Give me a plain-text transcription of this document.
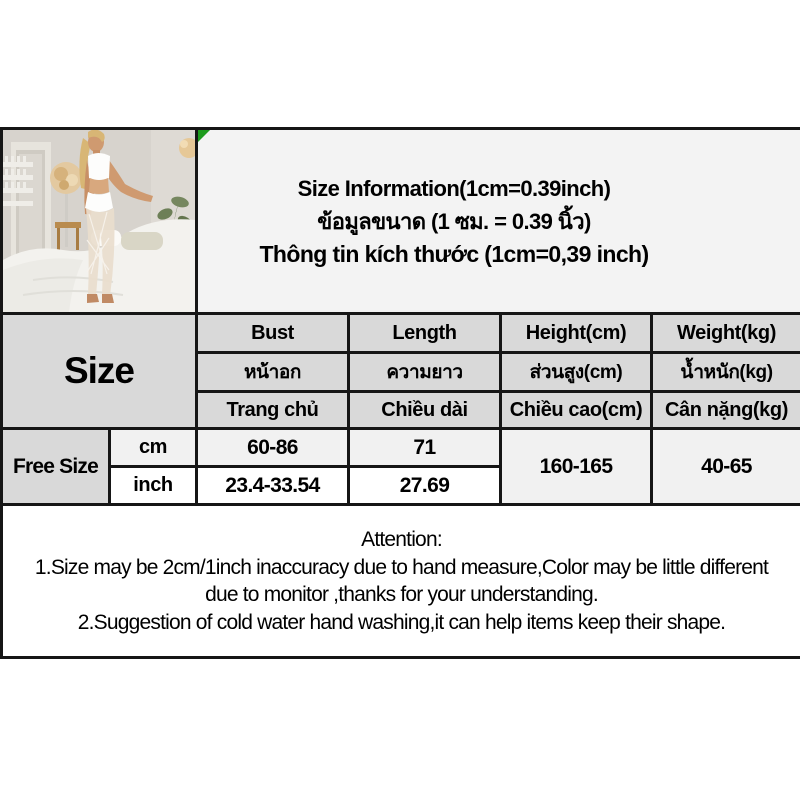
Size Information(1cm=0.39inch)
ข้อมูลขนาด (1 ซม. = 0.39 นิ้ว)
Thông tin kích thước (1cm=0,39 inch)			

Size		Bust	Length	Height(cm)	Weight(kg)
		หน้าอก	ความยาว	ส่วนสูง(cm)	น้ำหนัก(kg)
		Trang chủ	Chiều dài	Chiều cao(cm)	Cân nặng(kg)
Free Size	cm	60-86	71	160-165	40-65
	inch	23.4-33.54	27.69		

Attention:
1.Size may be 2cm/1inch inaccuracy due to hand measure,Color may be little different
due to monitor ,thanks for your understanding.
2.Suggestion of cold water hand washing,it can help items keep their shape.					
